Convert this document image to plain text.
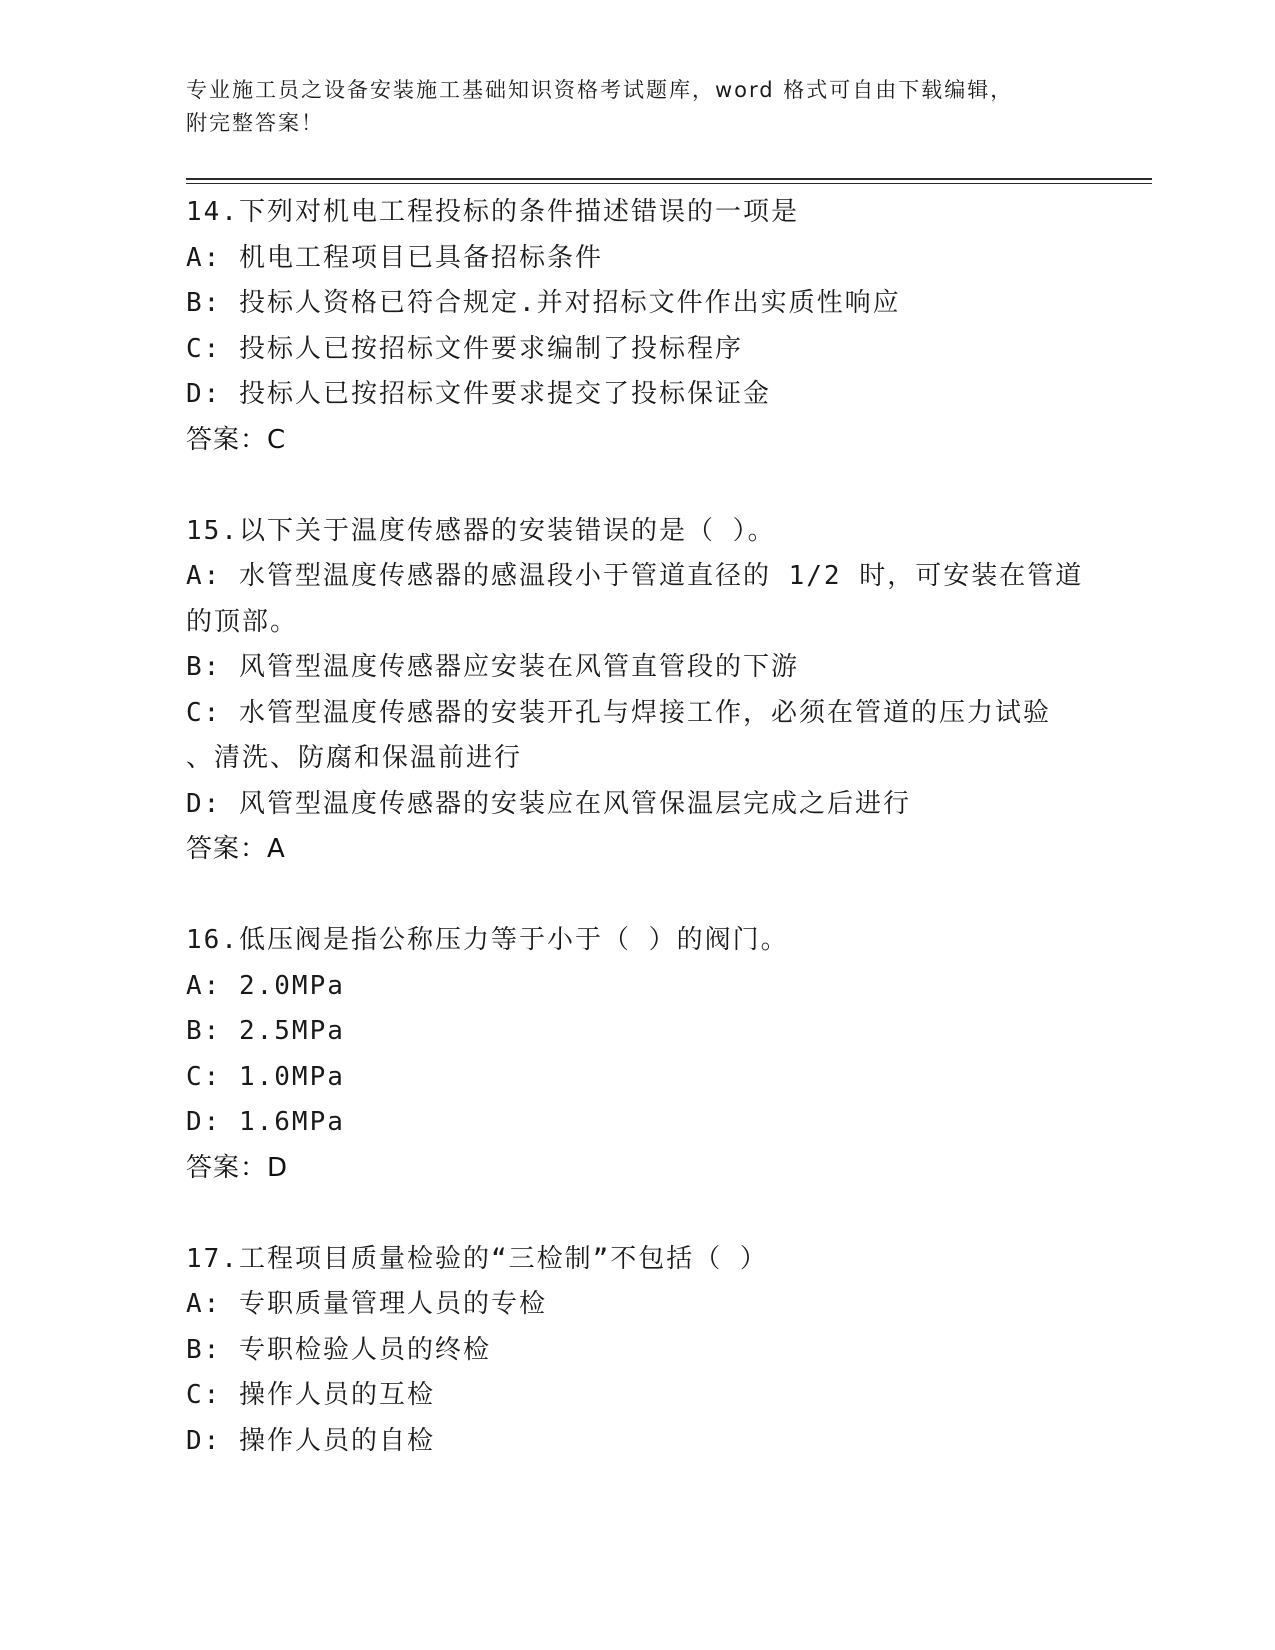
专业施工员之设备安装施工基础知识资格考试题库，word 格式可自由下载编辑，
附完整答案！
14.下列对机电工程投标的条件描述错误的一项是
A: 机电工程项目已具备招标条件
B: 投标人资格已符合规定.并对招标文件作出实质性响应
C: 投标人已按招标文件要求编制了投标程序
D: 投标人已按招标文件要求提交了投标保证金
答案：C
15.以下关于温度传感器的安装错误的是（ ）。
A: 水管型温度传感器的感温段小于管道直径的 1/2 时，可安装在管道
的顶部。
B: 风管型温度传感器应安装在风管直管段的下游
C: 水管型温度传感器的安装开孔与焊接工作，必须在管道的压力试验
、清洗、防腐和保温前进行
D: 风管型温度传感器的安装应在风管保温层完成之后进行
答案：A
16.低压阀是指公称压力等于小于（ ）的阀门。
A: 2.0MPa
B: 2.5MPa
C: 1.0MPa
D: 1.6MPa
答案：D
17.工程项目质量检验的“三检制”不包括（ ）
A: 专职质量管理人员的专检
B: 专职检验人员的终检
C: 操作人员的互检
D: 操作人员的自检
